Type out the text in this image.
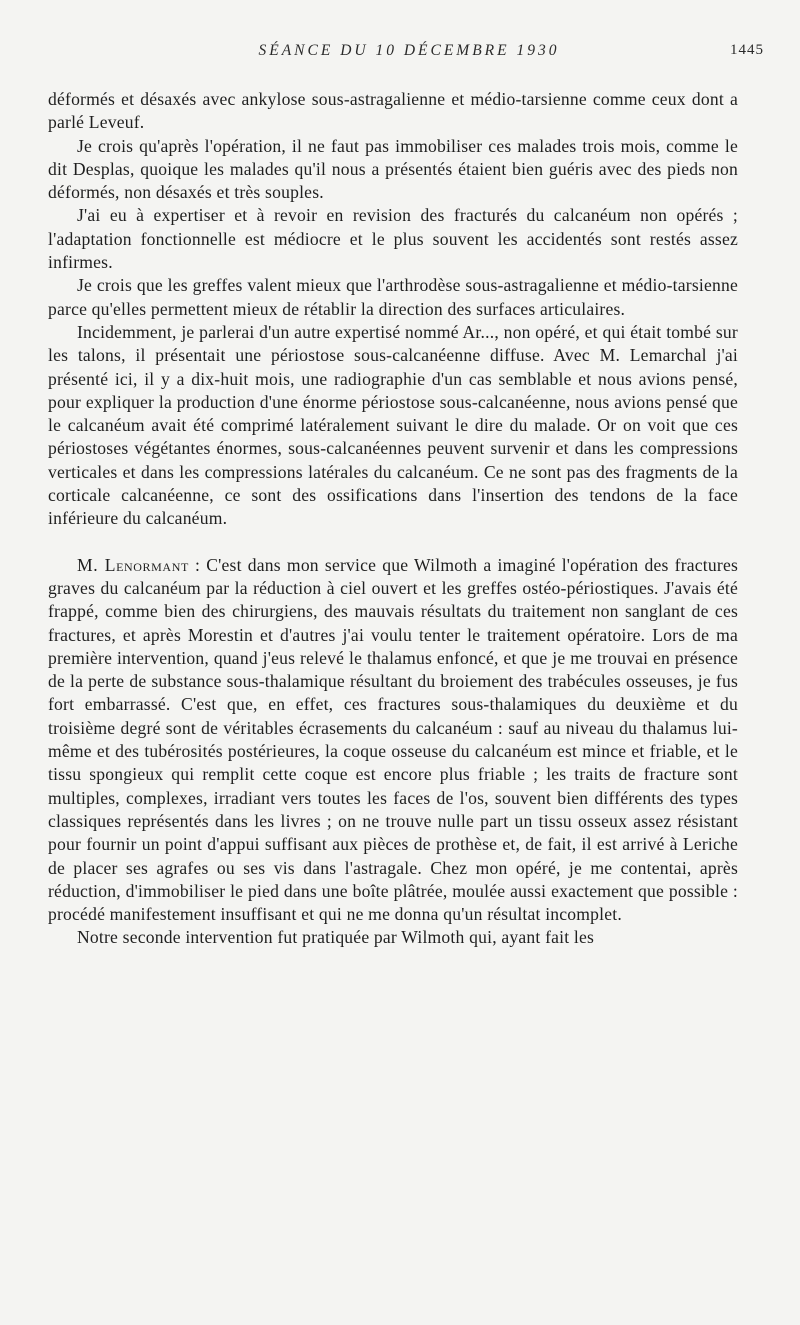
SÉANCE DU 10 DÉCEMBRE 1930	1445

déformés et désaxés avec ankylose sous-astragalienne et médio-tarsienne comme ceux dont a parlé Leveuf.

Je crois qu'après l'opération, il ne faut pas immobiliser ces malades trois mois, comme le dit Desplas, quoique les malades qu'il nous a présentés étaient bien guéris avec des pieds non déformés, non désaxés et très souples.

J'ai eu à expertiser et à revoir en revision des fracturés du calcanéum non opérés ; l'adaptation fonctionnelle est médiocre et le plus souvent les accidentés sont restés assez infirmes.

Je crois que les greffes valent mieux que l'arthrodèse sous-astragalienne et médio-tarsienne parce qu'elles permettent mieux de rétablir la direction des surfaces articulaires.

Incidemment, je parlerai d'un autre expertisé nommé Ar..., non opéré, et qui était tombé sur les talons, il présentait une périostose sous-calcanéenne diffuse. Avec M. Lemarchal j'ai présenté ici, il y a dix-huit mois, une radiographie d'un cas semblable et nous avions pensé, pour expliquer la production d'une énorme périostose sous-calcanéenne, nous avions pensé que le calcanéum avait été comprimé latéralement suivant le dire du malade. Or on voit que ces périostoses végétantes énormes, sous-calcanéennes peuvent survenir et dans les compressions verticales et dans les compressions latérales du calcanéum. Ce ne sont pas des fragments de la corticale calcanéenne, ce sont des ossifications dans l'insertion des tendons de la face inférieure du calcanéum.

M. Lenormant : C'est dans mon service que Wilmoth a imaginé l'opération des fractures graves du calcanéum par la réduction à ciel ouvert et les greffes ostéo-périostiques. J'avais été frappé, comme bien des chirurgiens, des mauvais résultats du traitement non sanglant de ces fractures, et après Morestin et d'autres j'ai voulu tenter le traitement opératoire. Lors de ma première intervention, quand j'eus relevé le thalamus enfoncé, et que je me trouvai en présence de la perte de substance sous-thalamique résultant du broiement des trabécules osseuses, je fus fort embarrassé. C'est que, en effet, ces fractures sous-thalamiques du deuxième et du troisième degré sont de véritables écrasements du calcanéum : sauf au niveau du thalamus lui-même et des tubérosités postérieures, la coque osseuse du calcanéum est mince et friable, et le tissu spongieux qui remplit cette coque est encore plus friable ; les traits de fracture sont multiples, complexes, irradiant vers toutes les faces de l'os, souvent bien différents des types classiques représentés dans les livres ; on ne trouve nulle part un tissu osseux assez résistant pour fournir un point d'appui suffisant aux pièces de prothèse et, de fait, il est arrivé à Leriche de placer ses agrafes ou ses vis dans l'astragale. Chez mon opéré, je me contentai, après réduction, d'immobiliser le pied dans une boîte plâtrée, moulée aussi exactement que possible : procédé manifestement insuffisant et qui ne me donna qu'un résultat incomplet.

Notre seconde intervention fut pratiquée par Wilmoth qui, ayant fait les
